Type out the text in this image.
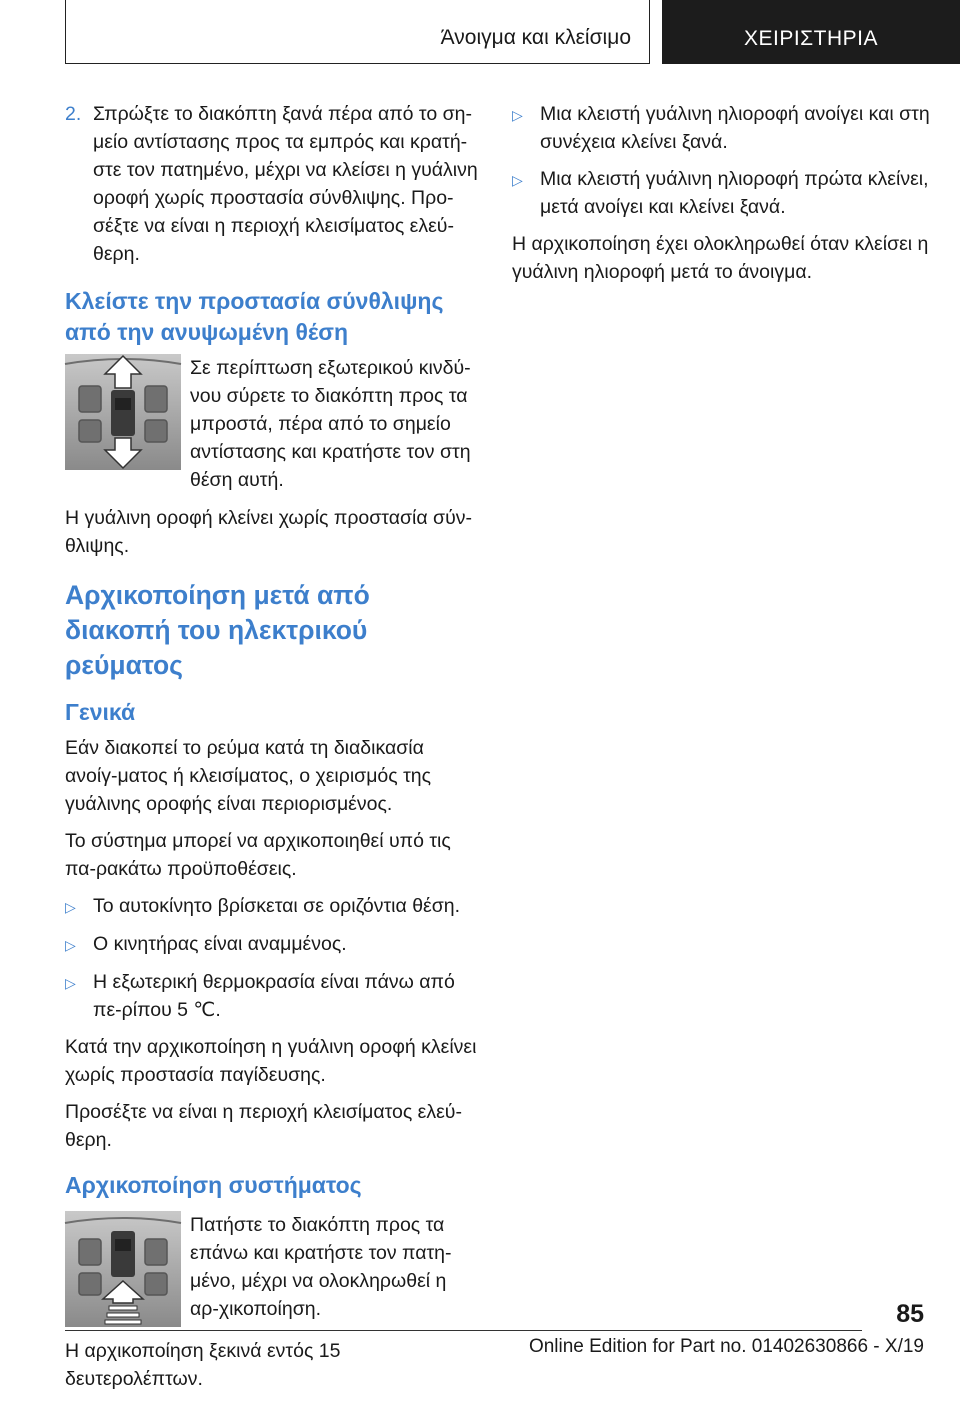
Άνοιγμα και κλείσιμο	ΧΕΙΡΙΣΤΗΡΙΑ
2. Σπρώξτε το διακόπτη ξανά πέρα από το ση-μείο αντίστασης προς τα εμπρός και κρατή-στε τον πατημένο, μέχρι να κλείσει η γυάλινη οροφή χωρίς προστασία σύνθλιψης. Προ-σέξτε να είναι η περιοχή κλεισίματος ελεύ-θερη.
Κλείστε την προστασία σύνθλιψης από την ανυψωμένη θέση
Σε περίπτωση εξωτερικού κινδύ-νου σύρετε το διακόπτη προς τα μπροστά, πέρα από το σημείο αντίστασης και κρατήστε τον στη θέση αυτή.

Η γυάλινη οροφή κλείνει χωρίς προστασία σύν-θλιψης.

Αρχικοποίηση μετά από διακοπή του ηλεκτρικού ρεύματος
Γενικά

Εάν διακοπεί το ρεύμα κατά τη διαδικασία ανοίγ-ματος ή κλεισίματος, ο χειρισμός της γυάλινης οροφής είναι περιορισμένος.

Το σύστημα μπορεί να αρχικοποιηθεί υπό τις πα-ρακάτω προϋποθέσεις.

▷ Το αυτοκίνητο βρίσκεται σε οριζόντια θέση.
▷ Ο κινητήρας είναι αναμμένος.
▷ Η εξωτερική θερμοκρασία είναι πάνω από πε-ρίπου 5 ℃.

Κατά την αρχικοποίηση η γυάλινη οροφή κλείνει χωρίς προστασία παγίδευσης.

Προσέξτε να είναι η περιοχή κλεισίματος ελεύ-θερη.

Αρχικοποίηση συστήματος
Πατήστε το διακόπτη προς τα επάνω και κρατήστε τον πατη-μένο, μέχρι να ολοκληρωθεί η αρ-χικοποίηση.

Η αρχικοποίηση ξεκινά εντός 15 δευτερολέπτων.

▷ Μια κλειστή γυάλινη ηλιοροφή ανοίγει και στη συνέχεια κλείνει ξανά.
▷ Μια κλειστή γυάλινη ηλιοροφή πρώτα κλείνει, μετά ανοίγει και κλείνει ξανά.

Η αρχικοποίηση έχει ολοκληρωθεί όταν κλείσει η γυάλινη ηλιοροφή μετά το άνοιγμα.

85
Online Edition for Part no. 01402630866 - X/19
